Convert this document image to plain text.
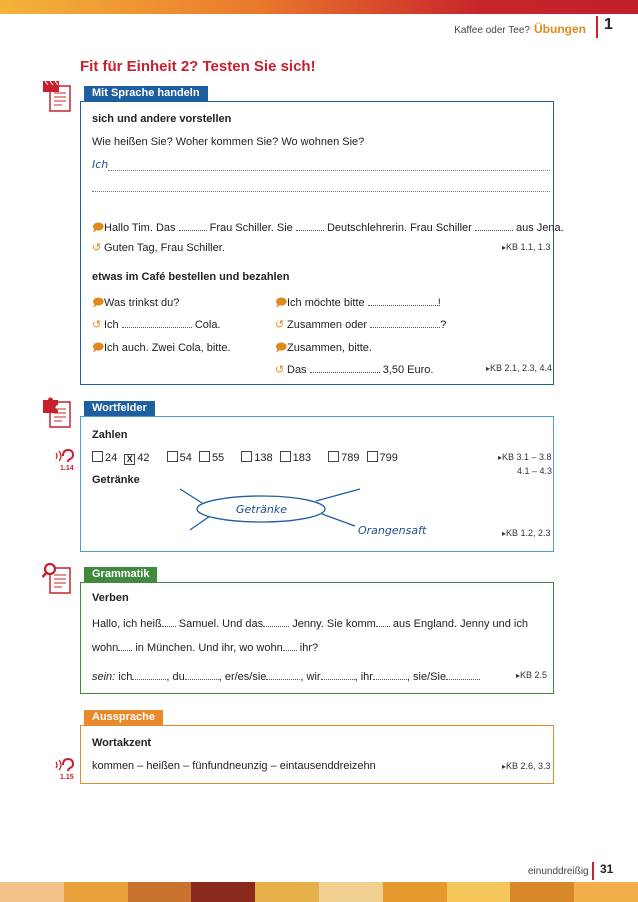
Kaffee oder Tee? Übungen	1
Fit für Einheit 2? Testen Sie sich!
Mit Sprache handeln
sich und andere vorstellen
Wie heißen Sie? Woher kommen Sie? Wo wohnen Sie?
Ich
🗩Hallo Tim. Das	Frau Schiller. Sie	Deutschlehrerin. Frau Schiller	aus Jena.
↺ Guten Tag, Frau Schiller.	▸ KB 1.1, 1.3
etwas im Café bestellen und bezahlen
🗩Was trinkst du?
↺ Ich	Cola.
🗩Ich auch. Zwei Cola, bitte.
🗩Ich möchte bitte	!
↺ Zusammen oder	?
🗩Zusammen, bitte.
↺ Das	3,50 Euro.	▸ KB 2.1, 2.3, 4.4
Wortfelder
Zahlen
1.14
24 X 42	54 55	138 183	789 799	▸ KB 3.1 – 3.8
4.1 – 4.3
Getränke
Getränke
Orangensaft	▸ KB 1.2, 2.3
Grammatik
Verben
Hallo, ich heiß Samuel. Und das	Jenny. Sie komm aus England. Jenny und ich
wohn in München. Und ihr, wo wohn ihr?
sein: ich	, du	, er/es/sie	, wir	, ihr	, sie/Sie	▸ KB 2.5
Aussprache
Wortakzent
1.15
kommen – heißen – fünfundneunzig – eintausenddreizehn	▸ KB 2.6, 3.3
einunddreißig 31
